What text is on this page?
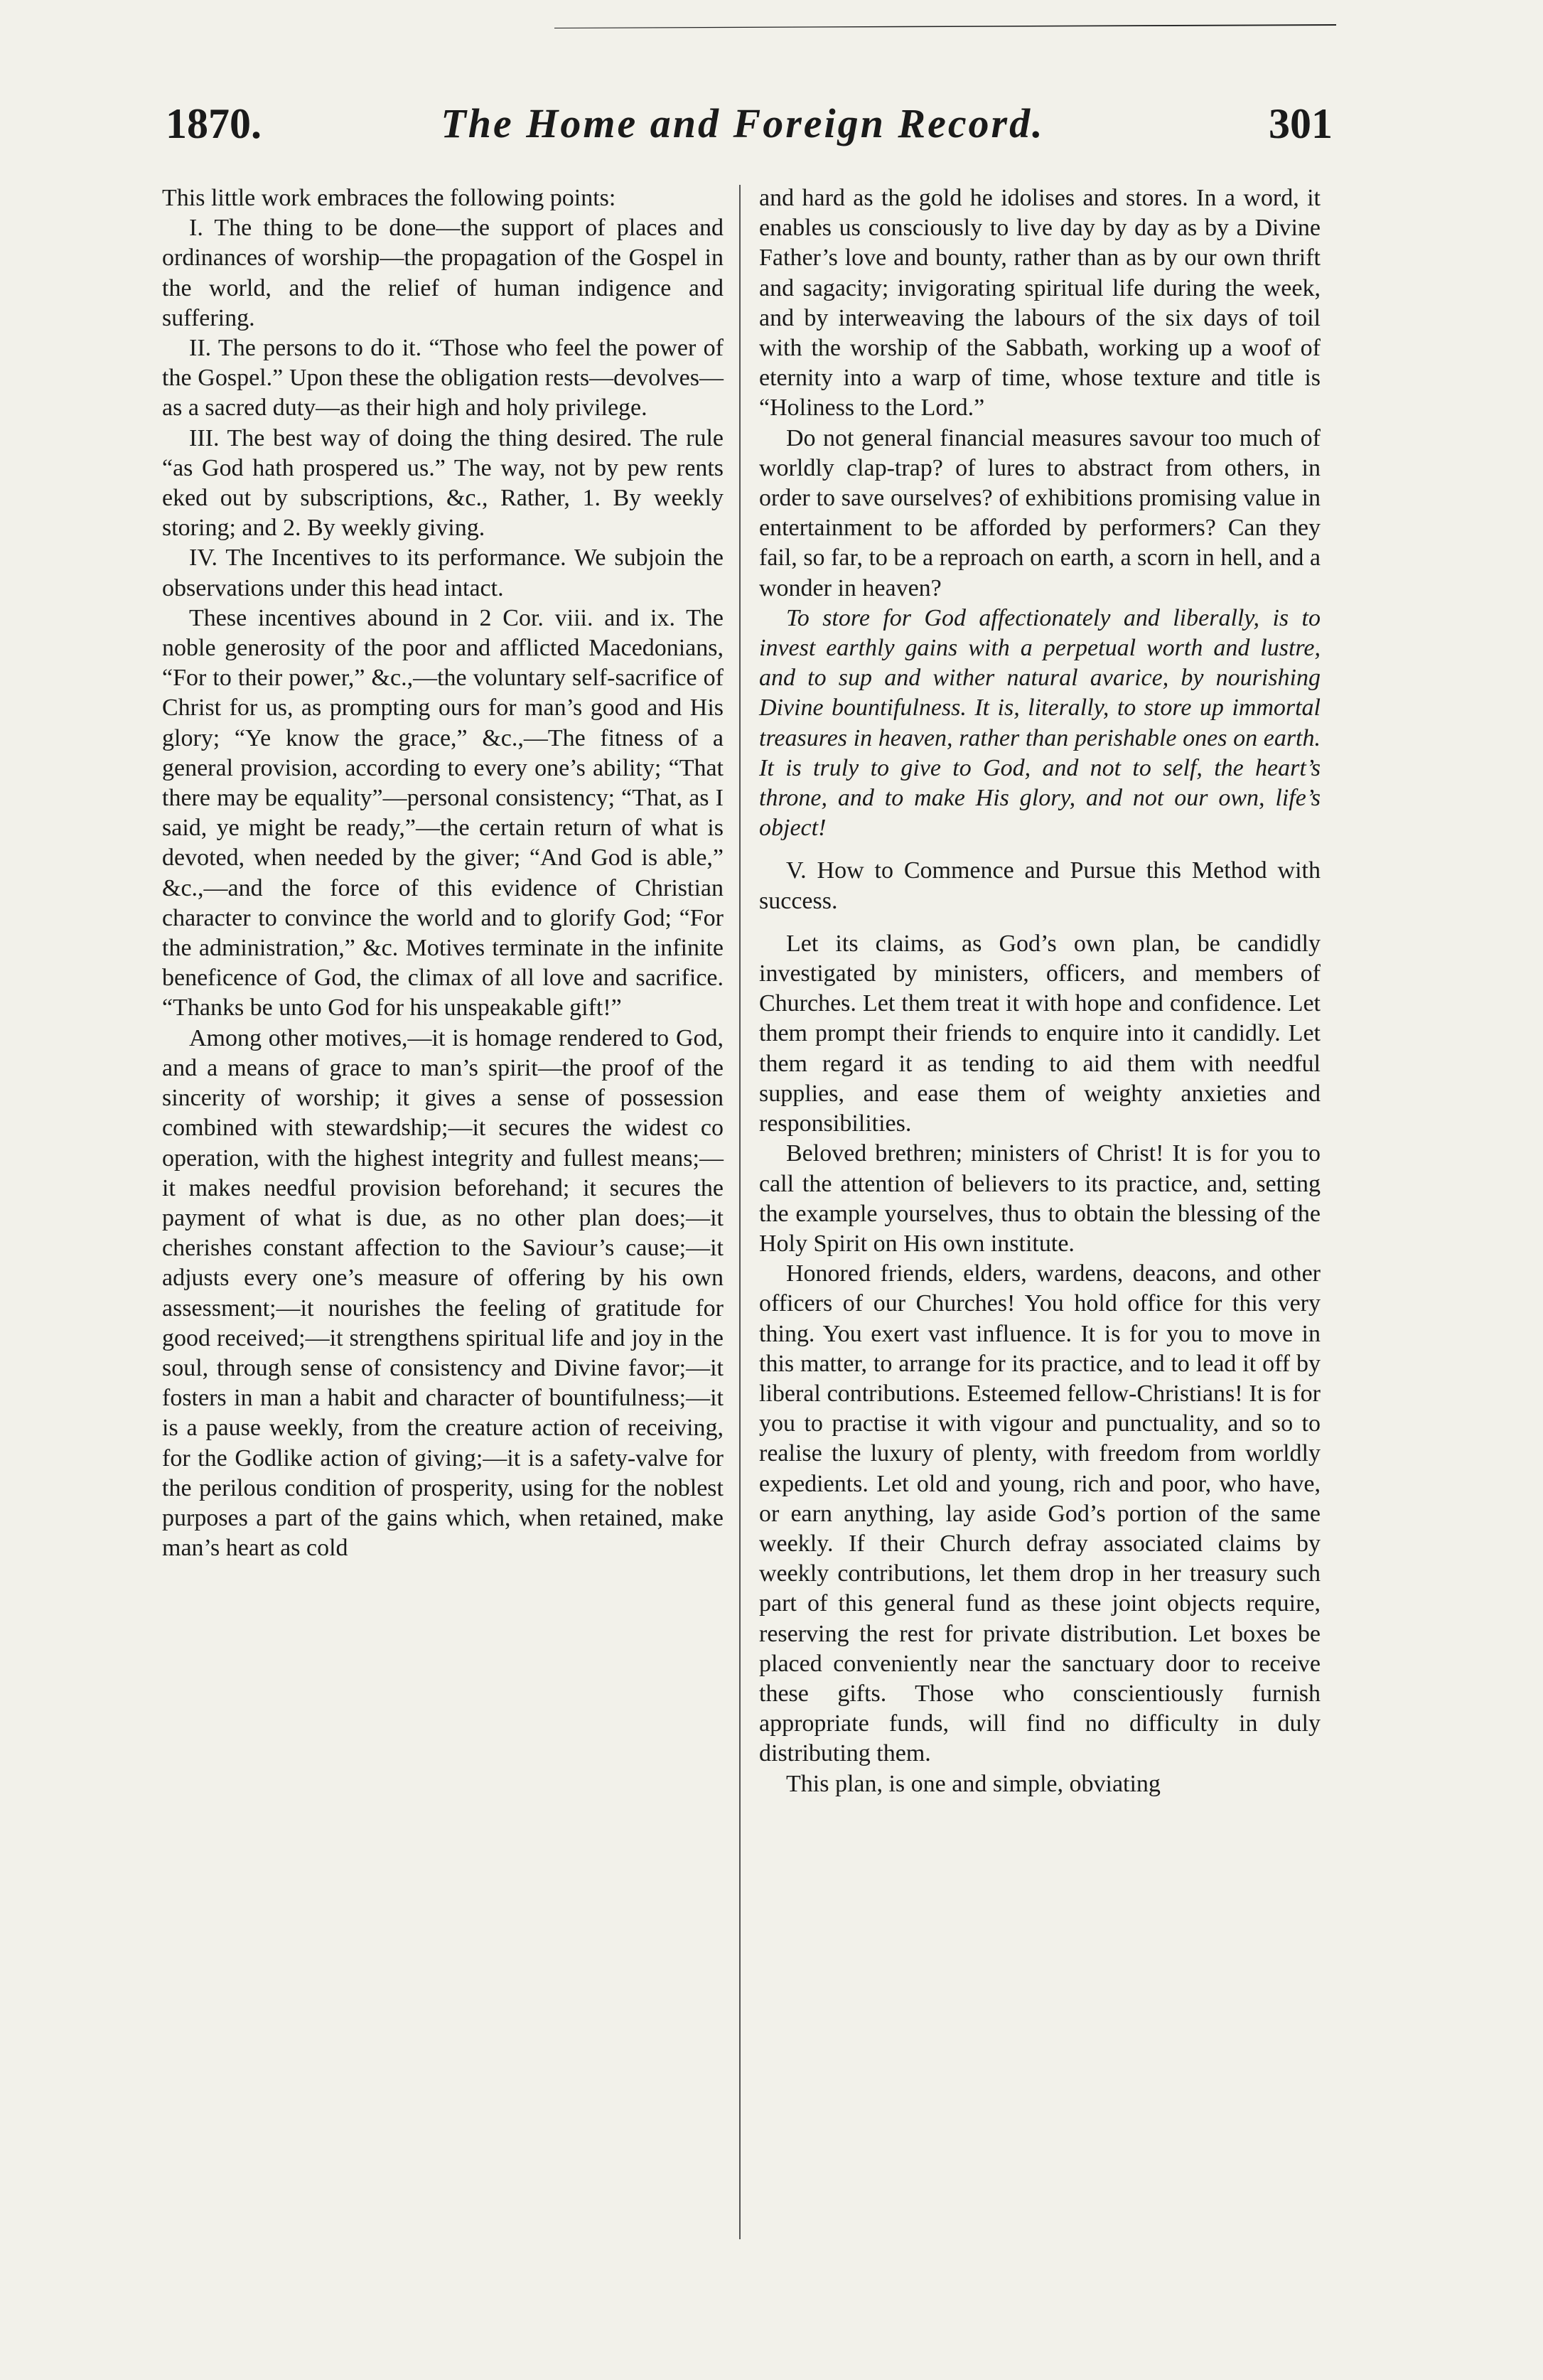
1870.	The Home and Foreign Record.	301

This little work embraces the following points:

I. The thing to be done—the support of places and ordinances of worship—the propagation of the Gospel in the world, and the relief of human indigence and suffering.

II. The persons to do it. “Those who feel the power of the Gospel.” Upon these the obligation rests—devolves—as a sacred duty—as their high and holy privilege.

III. The best way of doing the thing desired. The rule “as God hath prospered us.” The way, not by pew rents eked out by subscriptions, &c., Rather, 1. By weekly storing; and 2. By weekly giving.

IV. The Incentives to its performance. We subjoin the observations under this head intact.

These incentives abound in 2 Cor. viii. and ix. The noble generosity of the poor and afflicted Macedonians, “For to their power,” &c.,—the voluntary self-sacrifice of Christ for us, as prompting ours for man’s good and His glory; “Ye know the grace,” &c.,—The fitness of a general provision, according to every one’s ability; “That there may be equality”—personal consistency; “That, as I said, ye might be ready,”—the certain return of what is devoted, when needed by the giver; “And God is able,” &c.,—and the force of this evidence of Christian character to convince the world and to glorify God; “For the administration,” &c. Motives terminate in the infinite beneficence of God, the climax of all love and sacrifice. “Thanks be unto God for his unspeakable gift!”

Among other motives,—it is homage rendered to God, and a means of grace to man’s spirit—the proof of the sincerity of worship; it gives a sense of possession combined with stewardship;—it secures the widest co operation, with the highest integrity and fullest means;—it makes needful provision beforehand; it secures the payment of what is due, as no other plan does;—it cherishes constant affection to the Saviour’s cause;—it adjusts every one’s measure of offering by his own assessment;—it nourishes the feeling of gratitude for good received;—it strengthens spiritual life and joy in the soul, through sense of consistency and Divine favor;—it fosters in man a habit and character of bountifulness;—it is a pause weekly, from the creature action of receiving, for the Godlike action of giving;—it is a safety-valve for the perilous condition of prosperity, using for the noblest purposes a part of the gains which, when retained, make man’s heart as cold

and hard as the gold he idolises and stores. In a word, it enables us consciously to live day by day as by a Divine Father’s love and bounty, rather than as by our own thrift and sagacity; invigorating spiritual life during the week, and by interweaving the labours of the six days of toil with the worship of the Sabbath, working up a woof of eternity into a warp of time, whose texture and title is “Holiness to the Lord.”

Do not general financial measures savour too much of worldly clap-trap? of lures to abstract from others, in order to save ourselves? of exhibitions promising value in entertainment to be afforded by performers? Can they fail, so far, to be a reproach on earth, a scorn in hell, and a wonder in heaven?

To store for God affectionately and liberally, is to invest earthly gains with a perpetual worth and lustre, and to sup and wither natural avarice, by nourishing Divine bountifulness. It is, literally, to store up immortal treasures in heaven, rather than perishable ones on earth. It is truly to give to God, and not to self, the heart’s throne, and to make His glory, and not our own, life’s object!

V. How to Commence and Pursue this Method with success.

Let its claims, as God’s own plan, be candidly investigated by ministers, officers, and members of Churches. Let them treat it with hope and confidence. Let them prompt their friends to enquire into it candidly. Let them regard it as tending to aid them with needful supplies, and ease them of weighty anxieties and responsibilities.

Beloved brethren; ministers of Christ! It is for you to call the attention of believers to its practice, and, setting the example yourselves, thus to obtain the blessing of the Holy Spirit on His own institute.

Honored friends, elders, wardens, deacons, and other officers of our Churches! You hold office for this very thing. You exert vast influence. It is for you to move in this matter, to arrange for its practice, and to lead it off by liberal contributions. Esteemed fellow-Christians! It is for you to practise it with vigour and punctuality, and so to realise the luxury of plenty, with freedom from worldly expedients. Let old and young, rich and poor, who have, or earn anything, lay aside God’s portion of the same weekly. If their Church defray associated claims by weekly contributions, let them drop in her treasury such part of this general fund as these joint objects require, reserving the rest for private distribution. Let boxes be placed conveniently near the sanctuary door to receive these gifts. Those who conscientiously furnish appropriate funds, will find no difficulty in duly distributing them.

This plan, is one and simple, obviating
